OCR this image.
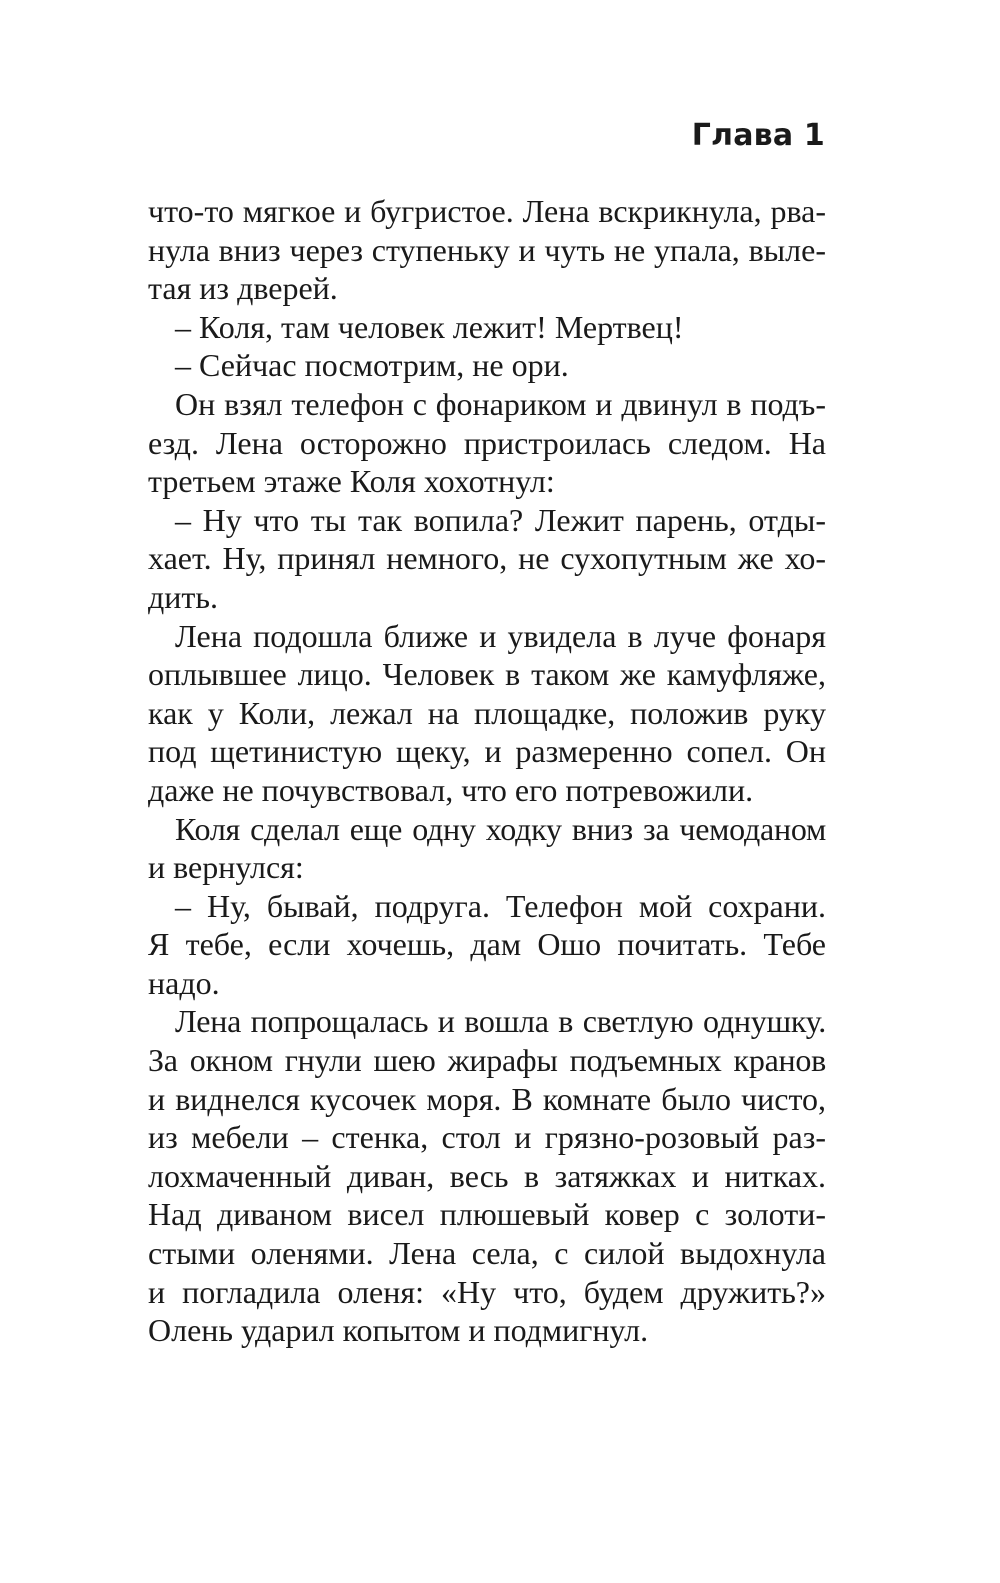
Глава 1
что-то мягкое и бугристое. Лена вскрикнула, рва-
нула вниз через ступеньку и чуть не упала, выле-
тая из дверей.
– Коля, там человек лежит! Мертвец!
– Сейчас посмотрим, не ори.
Он взял телефон с фонариком и двинул в подъ-
езд. Лена осторожно пристроилась следом. На
третьем этаже Коля хохотнул:
– Ну что ты так вопила? Лежит парень, отды-
хает. Ну, принял немного, не сухопутным же хо-
дить.
Лена подошла ближе и увидела в луче фонаря
оплывшее лицо. Человек в таком же камуфляже,
как у Коли, лежал на площадке, положив руку
под щетинистую щеку, и размеренно сопел. Он
даже не почувствовал, что его потревожили.
Коля сделал еще одну ходку вниз за чемоданом
и вернулся:
– Ну, бывай, подруга. Телефон мой сохрани.
Я тебе, если хочешь, дам Ошо почитать. Тебе
надо.
Лена попрощалась и вошла в светлую однушку.
За окном гнули шею жирафы подъемных кранов
и виднелся кусочек моря. В комнате было чисто,
из мебели – стенка, стол и грязно-розовый раз-
лохмаченный диван, весь в затяжках и нитках.
Над диваном висел плюшевый ковер с золоти-
стыми оленями. Лена села, с силой выдохнула
и погладила оленя: «Ну что, будем дружить?»
Олень ударил копытом и подмигнул.
